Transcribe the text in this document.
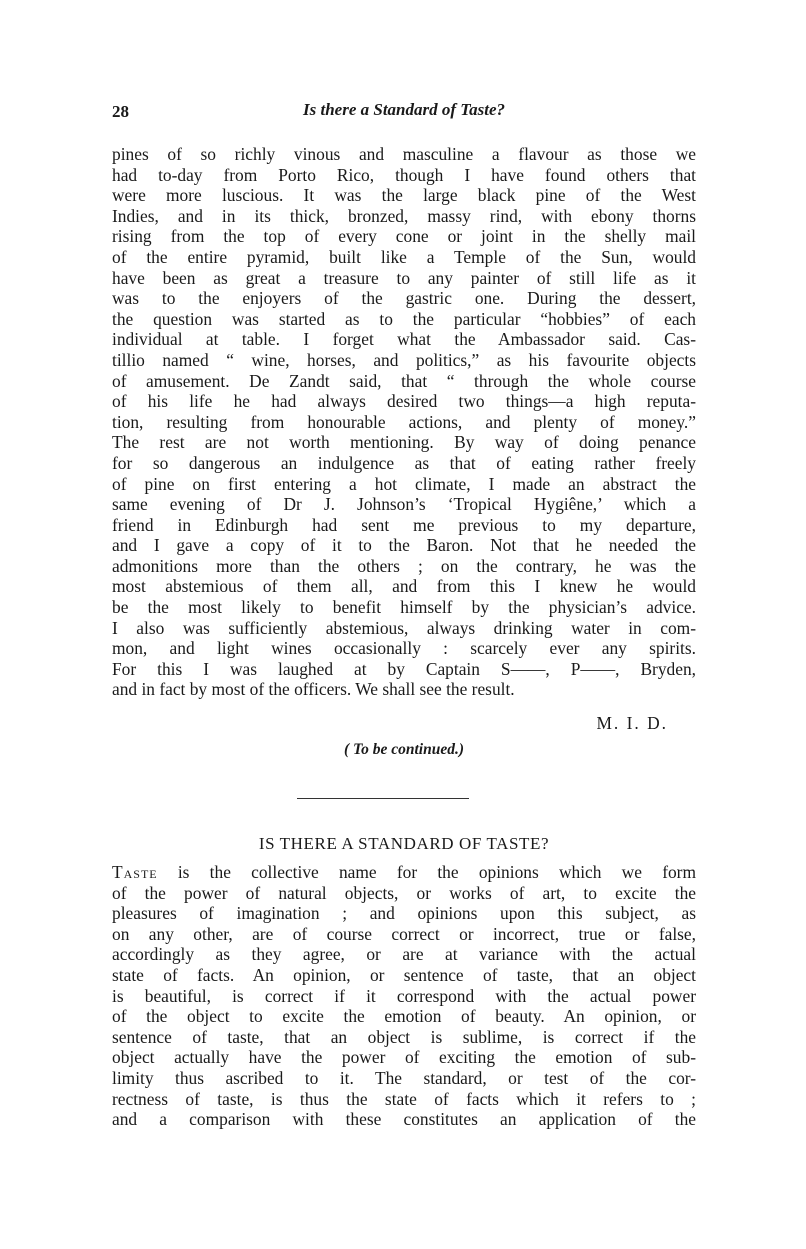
28	Is there a Standard of Taste?
pines of so richly vinous and masculine a flavour as those we
had to-day from Porto Rico, though I have found others that
were more luscious. It was the large black pine of the West
Indies, and in its thick, bronzed, massy rind, with ebony thorns
rising from the top of every cone or joint in the shelly mail
of the entire pyramid, built like a Temple of the Sun, would
have been as great a treasure to any painter of still life as it
was to the enjoyers of the gastric one. During the dessert,
the question was started as to the particular “hobbies” of each
individual at table. I forget what the Ambassador said. Cas-
tillio named “ wine, horses, and politics,” as his favourite objects
of amusement. De Zandt said, that “ through the whole course
of his life he had always desired two things—a high reputa-
tion, resulting from honourable actions, and plenty of money.”
The rest are not worth mentioning. By way of doing penance
for so dangerous an indulgence as that of eating rather freely
of pine on first entering a hot climate, I made an abstract the
same evening of Dr J. Johnson’s ‘Tropical Hygiêne,’ which a
friend in Edinburgh had sent me previous to my departure,
and I gave a copy of it to the Baron. Not that he needed the
admonitions more than the others ; on the contrary, he was the
most abstemious of them all, and from this I knew he would
be the most likely to benefit himself by the physician’s advice.
I also was sufficiently abstemious, always drinking water in com-
mon, and light wines occasionally : scarcely ever any spirits.
For this I was laughed at by Captain S——, P——, Bryden,
and in fact by most of the officers. We shall see the result.
M. I. D.
( To be continued.)
IS THERE A STANDARD OF TASTE?
Taste is the collective name for the opinions which we form
of the power of natural objects, or works of art, to excite the
pleasures of imagination ; and opinions upon this subject, as
on any other, are of course correct or incorrect, true or false,
accordingly as they agree, or are at variance with the actual
state of facts. An opinion, or sentence of taste, that an object
is beautiful, is correct if it correspond with the actual power
of the object to excite the emotion of beauty. An opinion, or
sentence of taste, that an object is sublime, is correct if the
object actually have the power of exciting the emotion of sub-
limity thus ascribed to it. The standard, or test of the cor-
rectness of taste, is thus the state of facts which it refers to ;
and a comparison with these constitutes an application of the
